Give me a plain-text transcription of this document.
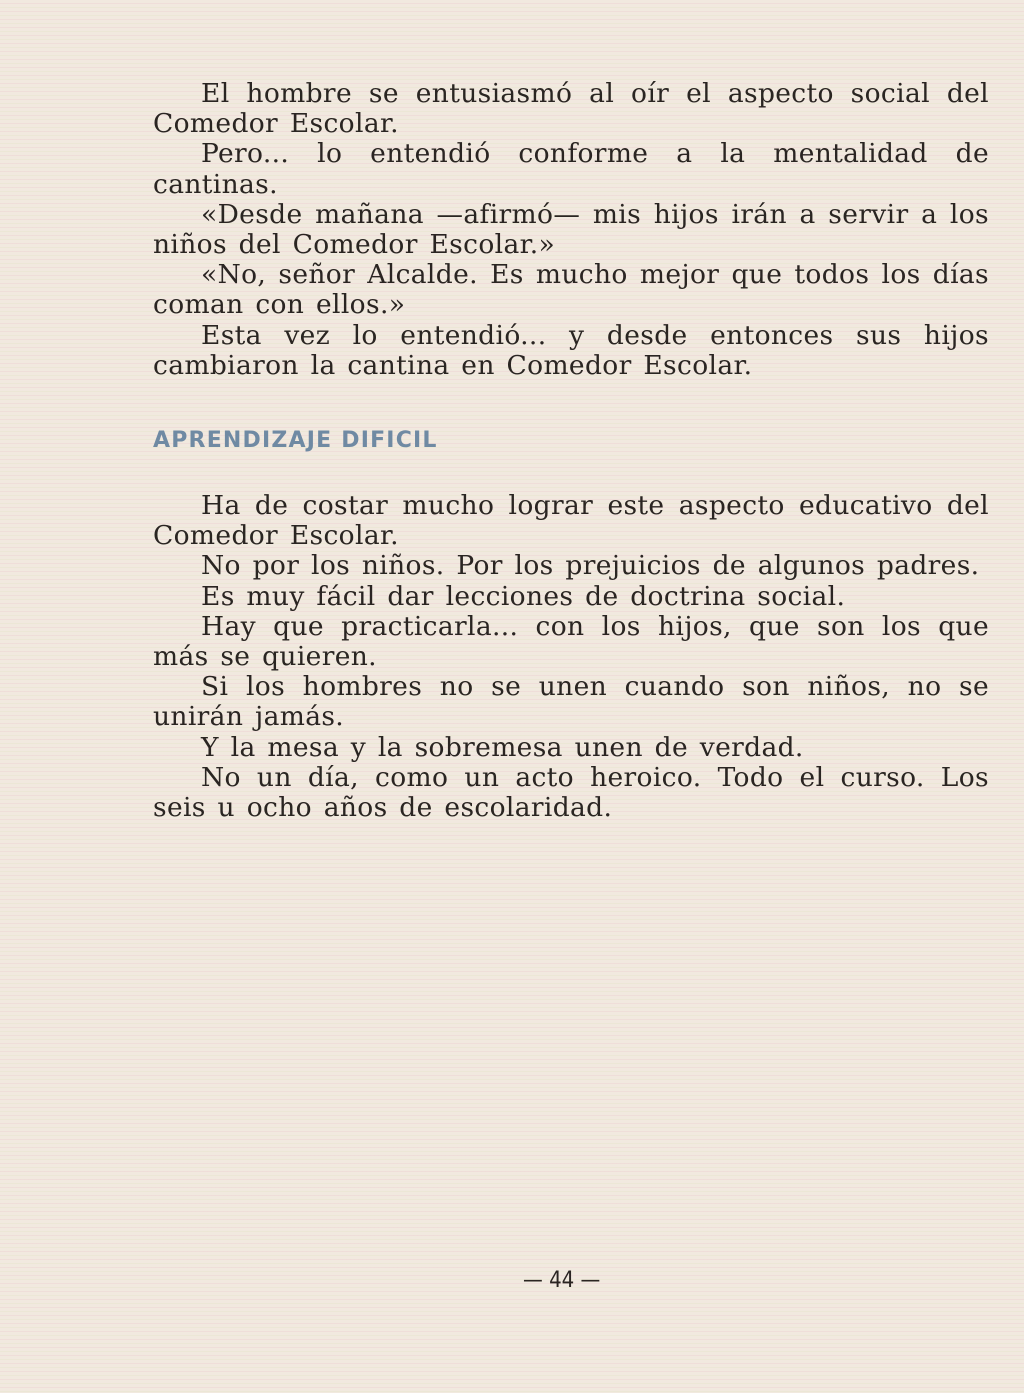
El hombre se entusiasmó al oír el aspecto social del Comedor Escolar.

Pero... lo entendió conforme a la mentalidad de cantinas.

«Desde mañana —afirmó— mis hijos irán a servir a los niños del Comedor Escolar.»

«No, señor Alcalde. Es mucho mejor que todos los días coman con ellos.»

Esta vez lo entendió... y desde entonces sus hijos cambiaron la cantina en Comedor Escolar.

APRENDIZAJE DIFICIL

Ha de costar mucho lograr este aspecto educativo del Comedor Escolar.

No por los niños. Por los prejuicios de algunos padres.

Es muy fácil dar lecciones de doctrina social.

Hay que practicarla... con los hijos, que son los que más se quieren.

Si los hombres no se unen cuando son niños, no se unirán jamás.

Y la mesa y la sobremesa unen de verdad.

No un día, como un acto heroico. Todo el curso. Los seis u ocho años de escolaridad.

— 44 —
